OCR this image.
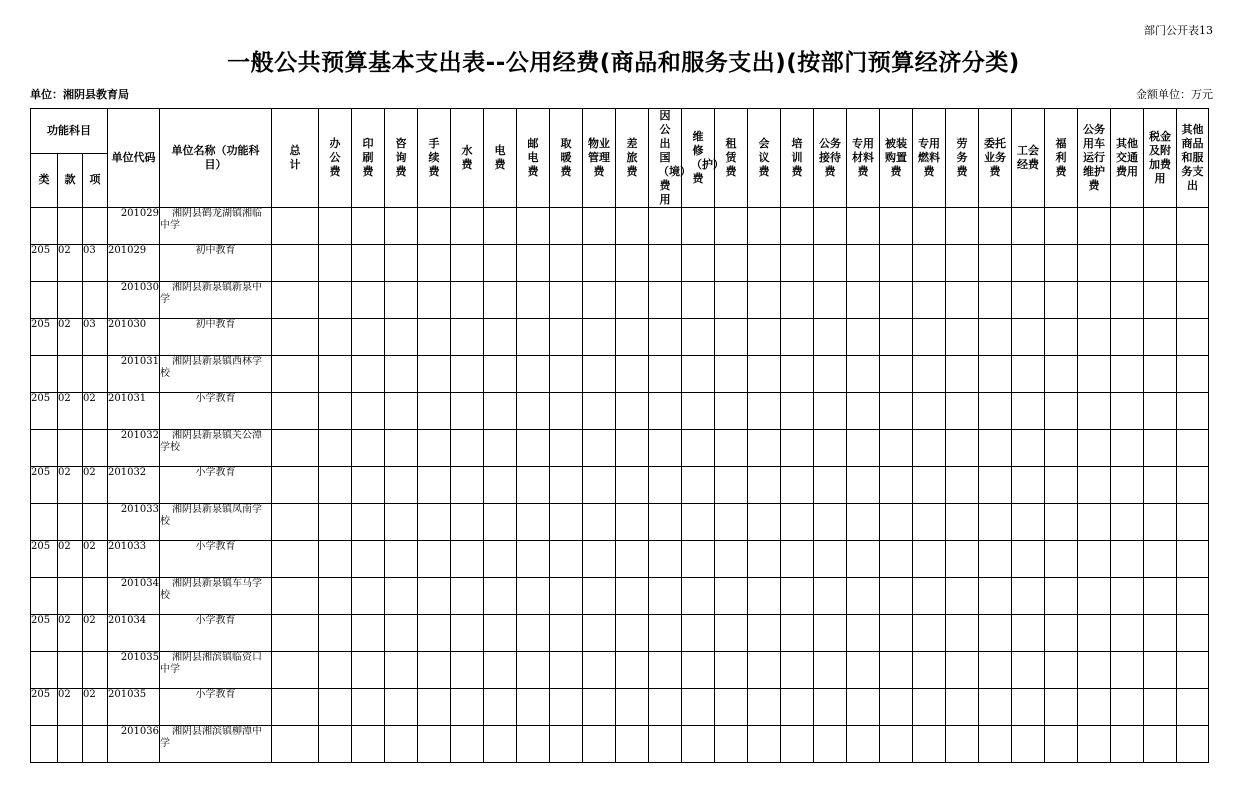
部门公开表13
一般公共预算基本支出表--公用经费(商品和服务支出)(按部门预算经济分类)
单位：湘阴县教育局	金额单位：万元
功能科目			单位代码	单位名称（功能科目）	总计	办公费	印刷费	咨询费	手续费	水费	电费	邮电费	取暖费	物业管理费	差旅费	因公出国（境）费用	维修（护）费	租赁费	会议费	培训费	公务接待费	专用材料费	被装购置费	专用燃料费	劳务费	委托业务费	工会经费	福利费	公务用车运行维护费	其他交通费用	税金及附加费用	其他商品和服务支出

类	款	项																														
			201029	湘阴县鹤龙湖镇湘临中学																												
205	02	03	201029	初中教育																												
			201030	湘阴县新泉镇新泉中学																												
205	02	03	201030	初中教育																												
			201031	湘阴县新泉镇西林学校																												
205	02	02	201031	小学教育																												
			201032	湘阴县新泉镇关公潭学校																												
205	02	02	201032	小学教育																												
			201033	湘阴县新泉镇凤南学校																												
205	02	02	201033	小学教育																												
			201034	湘阴县新泉镇车马学校																												
205	02	02	201034	小学教育																												
			201035	湘阴县湘滨镇临资口中学																												
205	02	02	201035	小学教育																												
			201036	湘阴县湘滨镇柳潭中学																												
